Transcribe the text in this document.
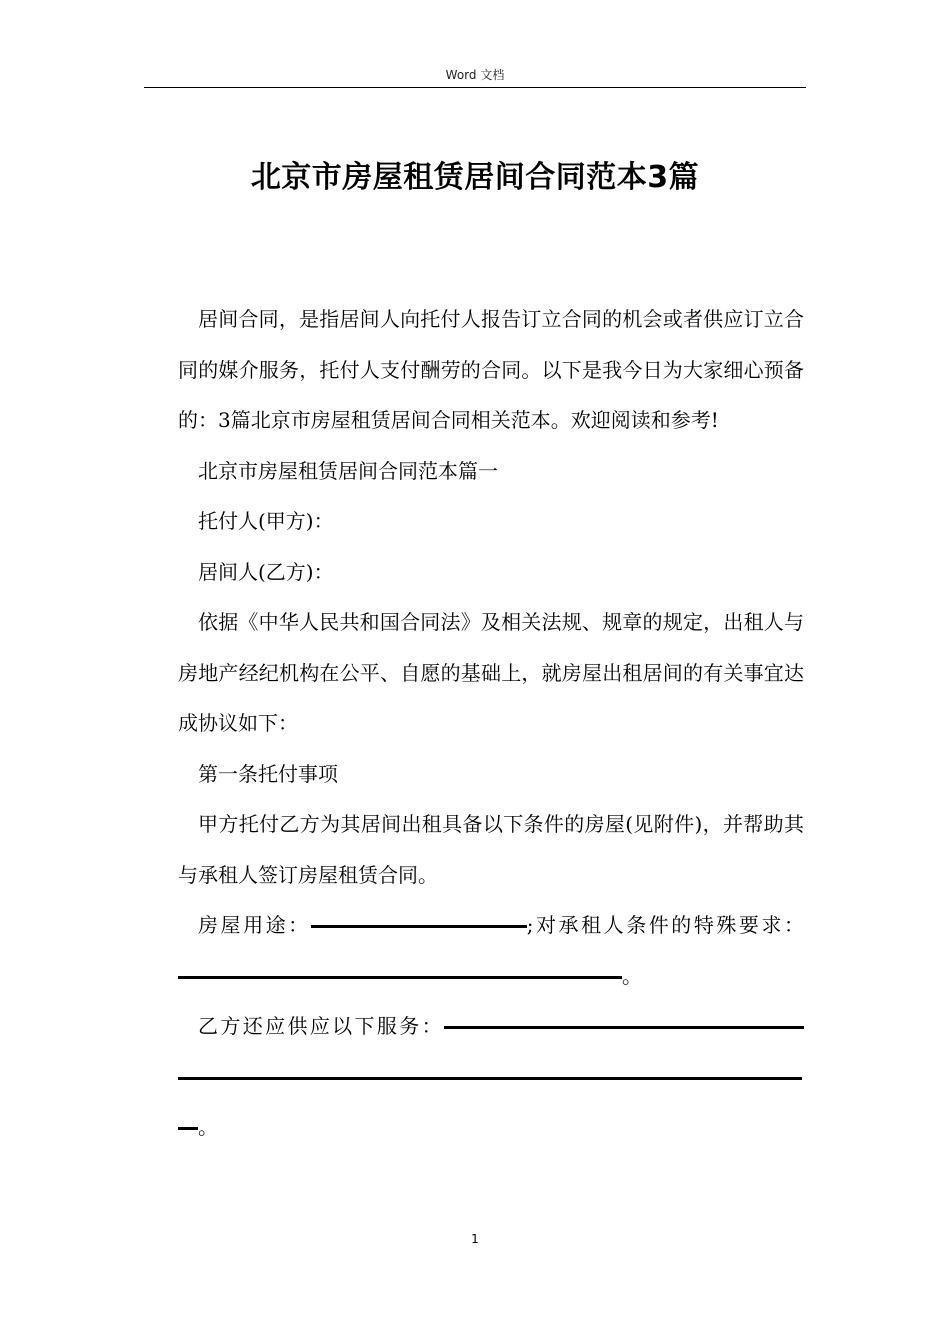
Word 文档
北京市房屋租赁居间合同范本3篇

居间合同，是指居间人向托付人报告订立合同的机会或者供应订立合同的媒介服务，托付人支付酬劳的合同。以下是我今日为大家细心预备的：3篇北京市房屋租赁居间合同相关范本。欢迎阅读和参考!

北京市房屋租赁居间合同范本篇一

托付人(甲方)：

居间人(乙方)：

依据《中华人民共和国合同法》及相关法规、规章的规定，出租人与房地产经纪机构在公平、自愿的基础上，就房屋出租居间的有关事宜达成协议如下：

第一条托付事项

甲方托付乙方为其居间出租具备以下条件的房屋(见附件)，并帮助其与承租人签订房屋租赁合同。

房屋用途：	;对承租人条件的特殊要求：。

乙方还应供应以下服务：。

1
